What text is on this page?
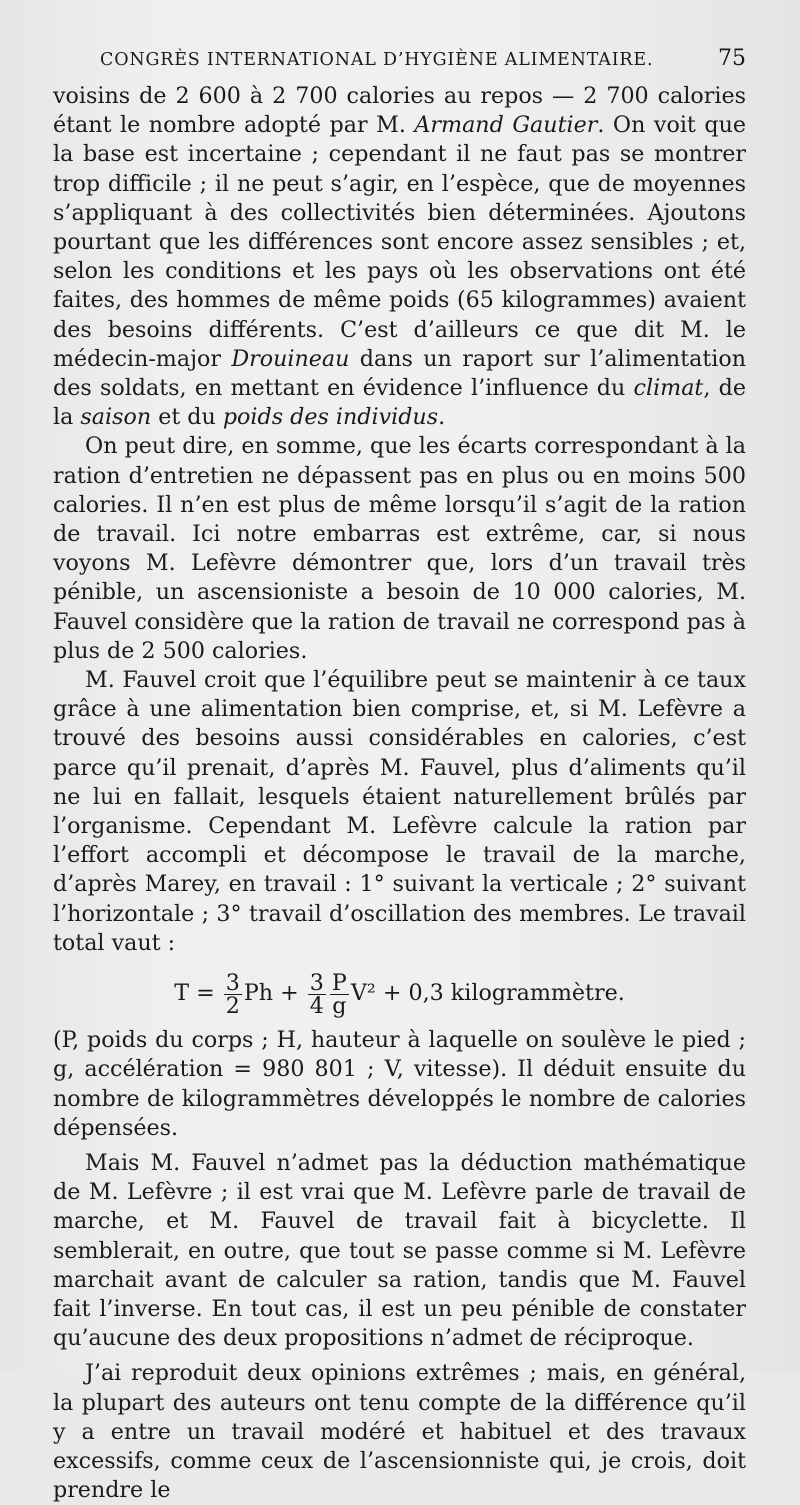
CONGRÈS INTERNATIONAL D’HYGIÈNE ALIMENTAIRE.	75

voisins de 2 600 à 2 700 calories au repos — 2 700 calories étant le nombre adopté par M. Armand Gautier. On voit que la base est incertaine ; cependant il ne faut pas se montrer trop difficile ; il ne peut s’agir, en l’espèce, que de moyennes s’appliquant à des collectivités bien déterminées. Ajoutons pourtant que les différences sont encore assez sensibles ; et, selon les conditions et les pays où les observations ont été faites, des hommes de même poids (65 kilogrammes) avaient des besoins différents. C’est d’ailleurs ce que dit M. le médecin-major Drouineau dans un raport sur l’alimentation des soldats, en mettant en évidence l’influence du climat, de la saison et du poids des individus.

On peut dire, en somme, que les écarts correspondant à la ration d’entretien ne dépassent pas en plus ou en moins 500 calories. Il n’en est plus de même lorsqu’il s’agit de la ration de travail. Ici notre embarras est extrême, car, si nous voyons M. Lefèvre démontrer que, lors d’un travail très pénible, un ascensioniste a besoin de 10 000 calories, M. Fauvel considère que la ration de travail ne correspond pas à plus de 2 500 calories.

M. Fauvel croit que l’équilibre peut se maintenir à ce taux grâce à une alimentation bien comprise, et, si M. Lefèvre a trouvé des besoins aussi considérables en calories, c’est parce qu’il prenait, d’après M. Fauvel, plus d’aliments qu’il ne lui en fallait, lesquels étaient naturellement brûlés par l’organisme. Cependant M. Lefèvre calcule la ration par l’effort accompli et décompose le travail de la marche, d’après Marey, en travail : 1° suivant la verticale ; 2° suivant l’horizontale ; 3° travail d’oscillation des membres. Le travail total vaut :

$T = \frac{3}{2}$ $Ph + \frac{3}{4} \frac{P}{g} V^2 + 0,3$ kilogrammètre.

(P, poids du corps ; H, hauteur à laquelle on soulève le pied ; g, accélération = 980 801 ; V, vitesse). Il déduit ensuite du nombre de kilogrammètres développés le nombre de calories dépensées.

Mais M. Fauvel n’admet pas la déduction mathématique de M. Lefèvre ; il est vrai que M. Lefèvre parle de travail de marche, et M. Fauvel de travail fait à bicyclette. Il semblerait, en outre, que tout se passe comme si M. Lefèvre marchait avant de calculer sa ration, tandis que M. Fauvel fait l’inverse. En tout cas, il est un peu pénible de constater qu’aucune des deux propositions n’admet de réciproque.

J’ai reproduit deux opinions extrêmes ; mais, en général, la plupart des auteurs ont tenu compte de la différence qu’il y a entre un travail modéré et habituel et des travaux excessifs, comme ceux de l’ascensionniste qui, je crois, doit prendre le
